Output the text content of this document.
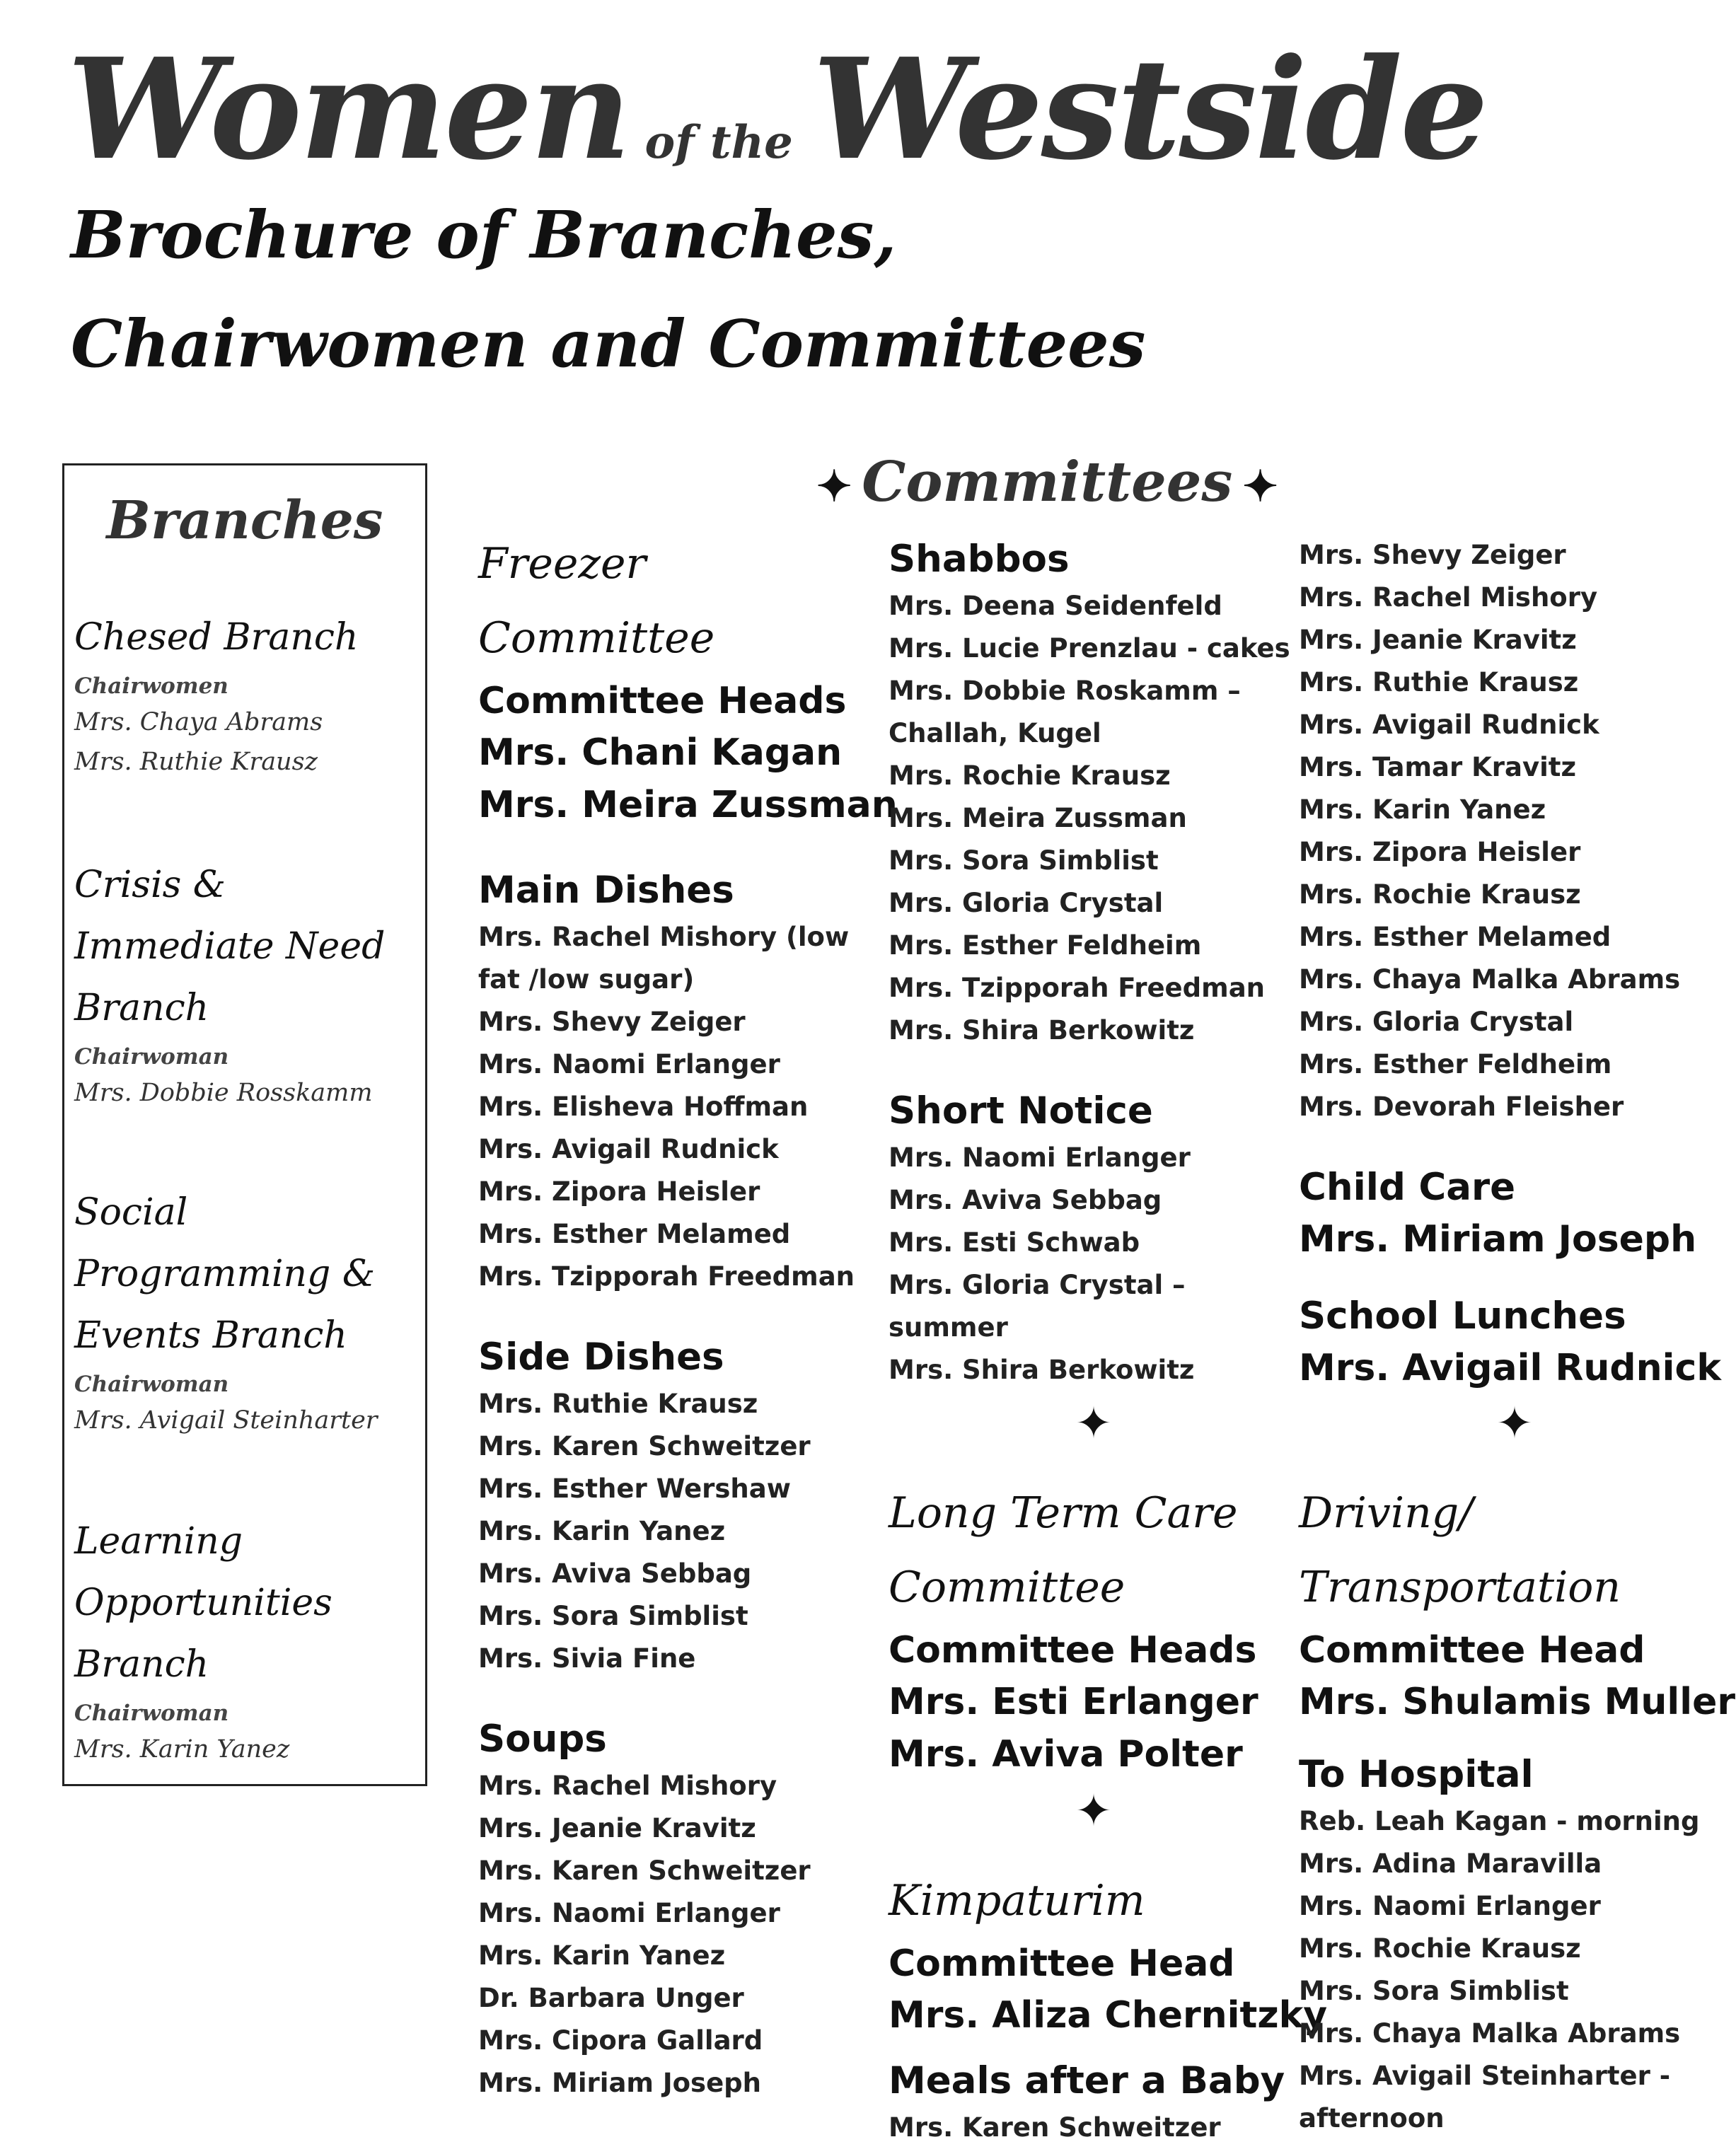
Women of the Westside
Brochure of Branches,
Chairwomen and Committees
Branches

Chesed Branch

Chairwomen
Mrs. Chaya Abrams
Mrs. Ruthie Krausz

Crisis & Immediate Need Branch

Chairwoman
Mrs. Dobbie Rosskamm

Social Programming & Events Branch

Chairwoman
Mrs. Avigail Steinharter

Learning Opportunities Branch

Chairwoman
Mrs. Karin Yanez
✦ Committees ✦

Freezer Committee

Committee Heads

Mrs. Chani Kagan
Mrs. Meira Zussman

Main Dishes

Mrs. Rachel Mishory (low fat /low sugar)
Mrs. Shevy Zeiger
Mrs. Naomi Erlanger
Mrs. Elisheva Hoffman
Mrs. Avigail Rudnick
Mrs. Zipora Heisler
Mrs. Esther Melamed
Mrs. Tzipporah Freedman

Side Dishes

Mrs. Ruthie Krausz
Mrs. Karen Schweitzer
Mrs. Esther Wershaw
Mrs. Karin Yanez
Mrs. Aviva Sebbag
Mrs. Sora Simblist
Mrs. Sivia Fine

Soups

Mrs. Rachel Mishory
Mrs. Jeanie Kravitz
Mrs. Karen Schweitzer
Mrs. Naomi Erlanger
Mrs. Karin Yanez
Dr. Barbara Unger
Mrs. Cipora Gallard
Mrs. Miriam Joseph

Shabbos

Mrs. Deena Seidenfeld
Mrs. Lucie Prenzlau - cakes
Mrs. Dobbie Roskamm – Challah, Kugel
Mrs. Rochie Krausz
Mrs. Meira Zussman
Mrs. Sora Simblist
Mrs. Gloria Crystal
Mrs. Esther Feldheim
Mrs. Tzipporah Freedman
Mrs. Shira Berkowitz

Short Notice

Mrs. Naomi Erlanger
Mrs. Aviva Sebbag
Mrs. Esti Schwab
Mrs. Gloria Crystal – summer
Mrs. Shira Berkowitz
✦

Long Term Care Committee

Committee Heads

Mrs. Esti Erlanger
Mrs. Aviva Polter
✦

Kimpaturim

Committee Head

Mrs. Aliza Chernitzky

Meals after a Baby

Mrs. Karen Schweitzer
Mrs. Shevy Zeiger
Mrs. Rachel Mishory
Mrs. Jeanie Kravitz
Mrs. Ruthie Krausz
Mrs. Avigail Rudnick
Mrs. Tamar Kravitz
Mrs. Karin Yanez
Mrs. Zipora Heisler
Mrs. Rochie Krausz
Mrs. Esther Melamed
Mrs. Chaya Malka Abrams
Mrs. Gloria Crystal
Mrs. Esther Feldheim
Mrs. Devorah Fleisher

Child Care

Mrs. Miriam Joseph

School Lunches

Mrs. Avigail Rudnick
✦

Driving/ Transportation

Committee Head

Mrs. Shulamis Muller

To Hospital

Reb. Leah Kagan - morning
Mrs. Adina Maravilla
Mrs. Naomi Erlanger
Mrs. Rochie Krausz
Mrs. Sora Simblist
Mrs. Chaya Malka Abrams
Mrs. Avigail Steinharter - afternoon
